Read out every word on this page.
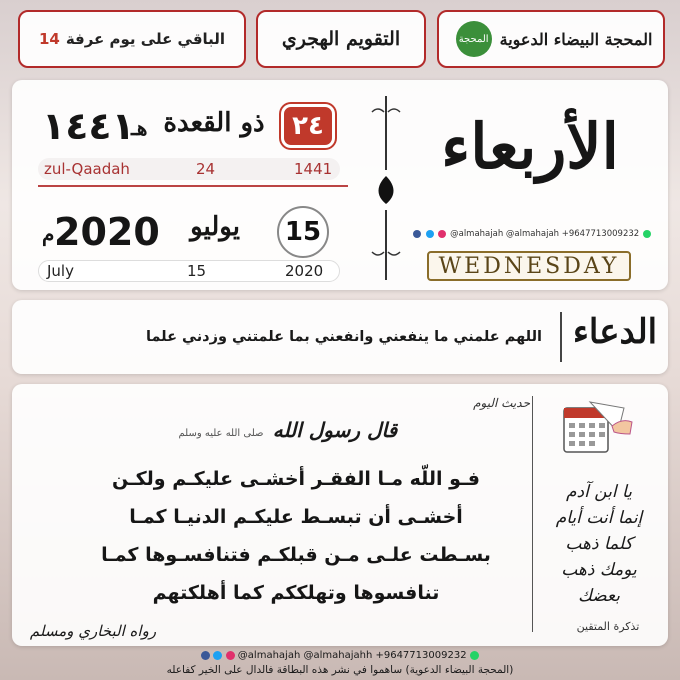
المحجة البيضاء الدعوية
المحجة
التقويم الهجري
الباقي على يوم عرفة
14
الأربعاء
@almahajah @almahajah +9647713009232
WEDNESDAY
٢٤
ذو القعدة
هـ
١٤٤١
zul-Qaadah	24	1441
15
يوليو
م 2020
July	15	2020
الدعاء
اللهم علمني ما ينفعني وانفعني بما علمتني وزدني علما
حديث اليوم
قال رسول الله
صلى الله عليه وسلم
فـو اللّه مـا الفقـر أخشـى عليكـم ولكـن
أخشـى أن تبسـط عليكـم الدنيـا كمـا
بسـطت علـى مـن قبلكـم فتنافسـوها كمـا
تنافسوها وتهلككم كما أهلكتهم
رواه البخاري ومسلم
يا ابن آدم
إنما أنت أيام
كلما ذهب
يومك ذهب
بعضك
تذكرة المتقين
@almahajah @almahajahh +9647713009232
(المحجة البيضاء الدعوية) ساهموا في نشر هذه البطاقة فالدال على الخير كفاعله
